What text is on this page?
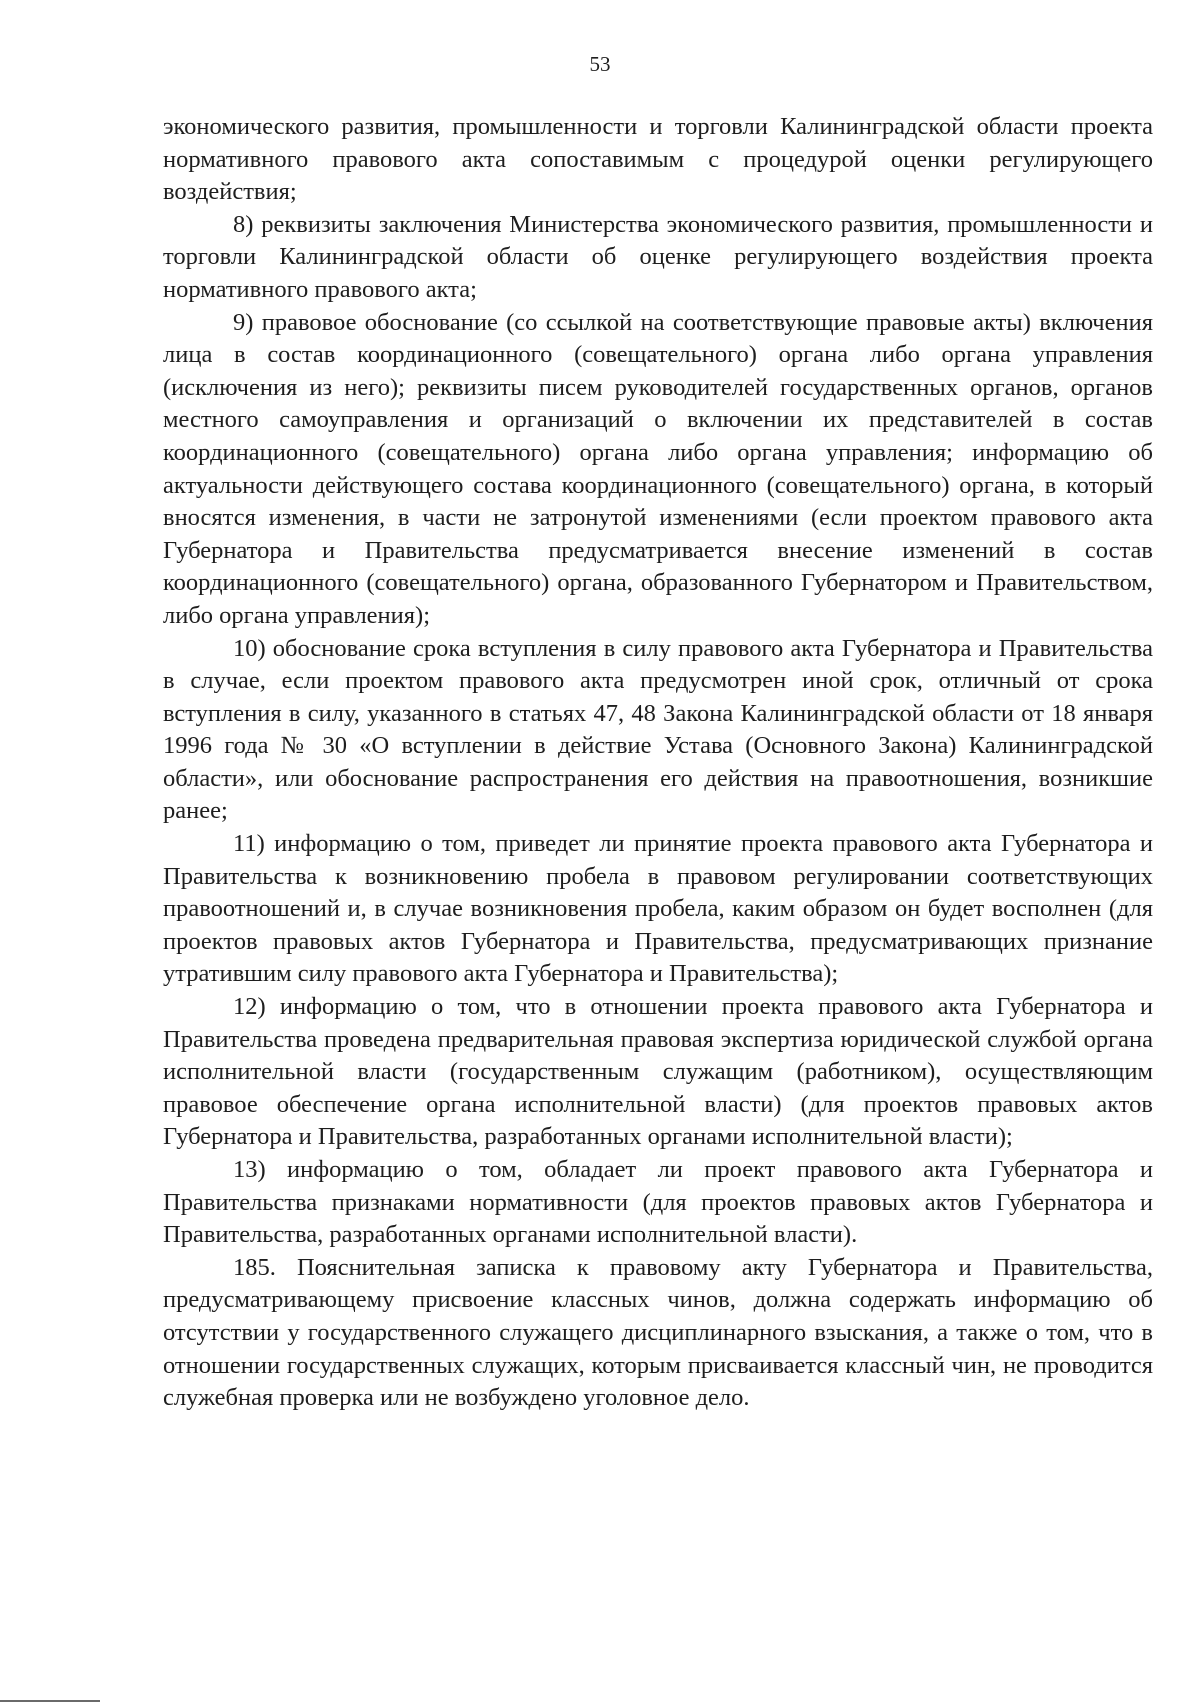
53

экономического развития, промышленности и торговли Калининградской области проекта нормативного правового акта сопоставимым с процедурой оценки регулирующего воздействия;

8) реквизиты заключения Министерства экономического развития, промышленности и торговли Калининградской области об оценке регулирующего воздействия проекта нормативного правового акта;

9) правовое обоснование (со ссылкой на соответствующие правовые акты) включения лица в состав координационного (совещательного) органа либо органа управления (исключения из него); реквизиты писем руководителей государственных органов, органов местного самоуправления и организаций о включении их представителей в состав координационного (совещательного) органа либо органа управления; информацию об актуальности действующего состава координационного (совещательного) органа, в который вносятся изменения, в части не затронутой изменениями (если проектом правового акта Губернатора и Правительства предусматривается внесение изменений в состав координационного (совещательного) органа, образованного Губернатором и Правительством, либо органа управления);

10) обоснование срока вступления в силу правового акта Губернатора и Правительства в случае, если проектом правового акта предусмотрен иной срок, отличный от срока вступления в силу, указанного в статьях 47, 48 Закона Калининградской области от 18 января 1996 года № 30 «О вступлении в действие Устава (Основного Закона) Калининградской области», или обоснование распространения его действия на правоотношения, возникшие ранее;

11) информацию о том, приведет ли принятие проекта правового акта Губернатора и Правительства к возникновению пробела в правовом регулировании соответствующих правоотношений и, в случае возникновения пробела, каким образом он будет восполнен (для проектов правовых актов Губернатора и Правительства, предусматривающих признание утратившим силу правового акта Губернатора и Правительства);

12) информацию о том, что в отношении проекта правового акта Губернатора и Правительства проведена предварительная правовая экспертиза юридической службой органа исполнительной власти (государственным служащим (работником), осуществляющим правовое обеспечение органа исполнительной власти) (для проектов правовых актов Губернатора и Правительства, разработанных органами исполнительной власти);

13) информацию о том, обладает ли проект правового акта Губернатора и Правительства признаками нормативности (для проектов правовых актов Губернатора и Правительства, разработанных органами исполнительной власти).

185. Пояснительная записка к правовому акту Губернатора и Правительства, предусматривающему присвоение классных чинов, должна содержать информацию об отсутствии у государственного служащего дисциплинарного взыскания, а также о том, что в отношении государственных служащих, которым присваивается классный чин, не проводится служебная проверка или не возбуждено уголовное дело.
